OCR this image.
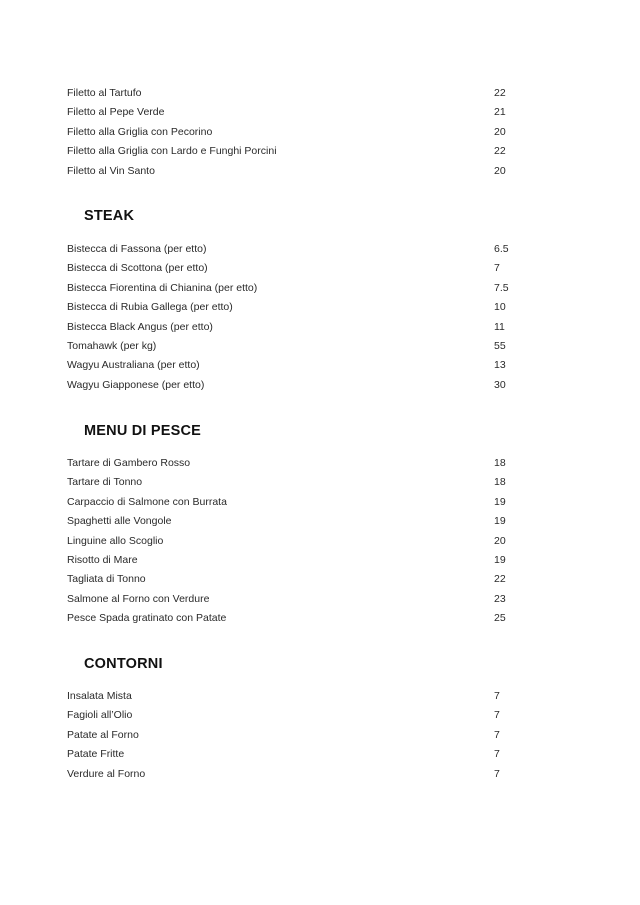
Filetto al Tartufo	22
Filetto al Pepe Verde	21
Filetto alla Griglia con Pecorino	20
Filetto alla Griglia con Lardo e Funghi Porcini	22
Filetto al Vin Santo	20
STEAK
Bistecca di Fassona (per etto)	6.5
Bistecca di Scottona (per etto)	7
Bistecca Fiorentina di Chianina (per etto)	7.5
Bistecca di Rubia Gallega (per etto)	10
Bistecca Black Angus (per etto)	11
Tomahawk (per kg)	55
Wagyu Australiana (per etto)	13
Wagyu Giapponese (per etto)	30
MENU DI PESCE
Tartare di Gambero Rosso	18
Tartare di Tonno	18
Carpaccio di Salmone con Burrata	19
Spaghetti alle Vongole	19
Linguine allo Scoglio	20
Risotto di Mare	19
Tagliata di Tonno	22
Salmone al Forno con Verdure	23
Pesce Spada gratinato con Patate	25
CONTORNI
Insalata Mista	7
Fagioli all’Olio	7
Patate al Forno	7
Patate Fritte	7
Verdure al Forno	7
